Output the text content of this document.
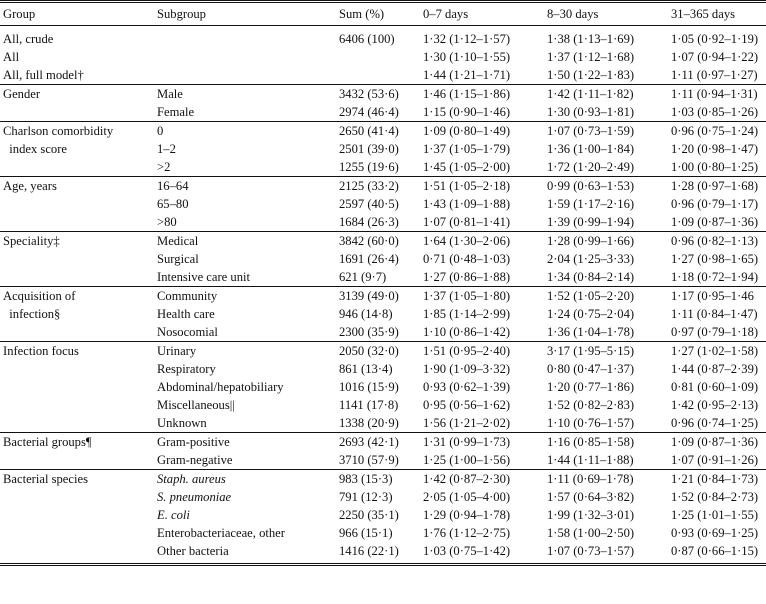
Group	Subgroup	Sum (%)	0–7 days	8–30 days	31–365 days
All, crude		6406 (100)	1·32 (1·12–1·57)	1·38 (1·13–1·69)	1·05 (0·92–1·19)
All			1·30 (1·10–1·55)	1·37 (1·12–1·68)	1·07 (0·94–1·22)
All, full model†			1·44 (1·21–1·71)	1·50 (1·22–1·83)	1·11 (0·97–1·27)
Gender	Male	3432 (53·6)	1·46 (1·15–1·86)	1·42 (1·11–1·82)	1·11 (0·94–1·31)
	Female	2974 (46·4)	1·15 (0·90–1·46)	1·30 (0·93–1·81)	1·03 (0·85–1·26)
Charlson comorbidity	0	2650 (41·4)	1·09 (0·80–1·49)	1·07 (0·73–1·59)	0·96 (0·75–1·24)
index score	1–2	2501 (39·0)	1·37 (1·05–1·79)	1·36 (1·00–1·84)	1·20 (0·98–1·47)
	>2	1255 (19·6)	1·45 (1·05–2·00)	1·72 (1·20–2·49)	1·00 (0·80–1·25)
Age, years	16–64	2125 (33·2)	1·51 (1·05–2·18)	0·99 (0·63–1·53)	1·28 (0·97–1·68)
	65–80	2597 (40·5)	1·43 (1·09–1·88)	1·59 (1·17–2·16)	0·96 (0·79–1·17)
	>80	1684 (26·3)	1·07 (0·81–1·41)	1·39 (0·99–1·94)	1·09 (0·87–1·36)
Speciality‡	Medical	3842 (60·0)	1·64 (1·30–2·06)	1·28 (0·99–1·66)	0·96 (0·82–1·13)
	Surgical	1691 (26·4)	0·71 (0·48–1·03)	2·04 (1·25–3·33)	1·27 (0·98–1·65)
	Intensive care unit	621 (9·7)	1·27 (0·86–1·88)	1·34 (0·84–2·14)	1·18 (0·72–1·94)
Acquisition of	Community	3139 (49·0)	1·37 (1·05–1·80)	1·52 (1·05–2·20)	1·17 (0·95–1·46
infection§	Health care	946 (14·8)	1·85 (1·14–2·99)	1·24 (0·75–2·04)	1·11 (0·84–1·47)
	Nosocomial	2300 (35·9)	1·10 (0·86–1·42)	1·36 (1·04–1·78)	0·97 (0·79–1·18)
Infection focus	Urinary	2050 (32·0)	1·51 (0·95–2·40)	3·17 (1·95–5·15)	1·27 (1·02–1·58)
	Respiratory	861 (13·4)	1·90 (1·09–3·32)	0·80 (0·47–1·37)	1·44 (0·87–2·39)
	Abdominal/hepatobiliary	1016 (15·9)	0·93 (0·62–1·39)	1·20 (0·77–1·86)	0·81 (0·60–1·09)
	Miscellaneous||	1141 (17·8)	0·95 (0·56–1·62)	1·52 (0·82–2·83)	1·42 (0·95–2·13)
	Unknown	1338 (20·9)	1·56 (1·21–2·02)	1·10 (0·76–1·57)	0·96 (0·74–1·25)
Bacterial groups¶	Gram-positive	2693 (42·1)	1·31 (0·99–1·73)	1·16 (0·85–1·58)	1·09 (0·87–1·36)
	Gram-negative	3710 (57·9)	1·25 (1·00–1·56)	1·44 (1·11–1·88)	1·07 (0·91–1·26)
Bacterial species	Staph. aureus	983 (15·3)	1·42 (0·87–2·30)	1·11 (0·69–1·78)	1·21 (0·84–1·73)
	S. pneumoniae	791 (12·3)	2·05 (1·05–4·00)	1·57 (0·64–3·82)	1·52 (0·84–2·73)
	E. coli	2250 (35·1)	1·29 (0·94–1·78)	1·99 (1·32–3·01)	1·25 (1·01–1·55)
	Enterobacteriaceae, other	966 (15·1)	1·76 (1·12–2·75)	1·58 (1·00–2·50)	0·93 (0·69–1·25)
	Other bacteria	1416 (22·1)	1·03 (0·75–1·42)	1·07 (0·73–1·57)	0·87 (0·66–1·15)
